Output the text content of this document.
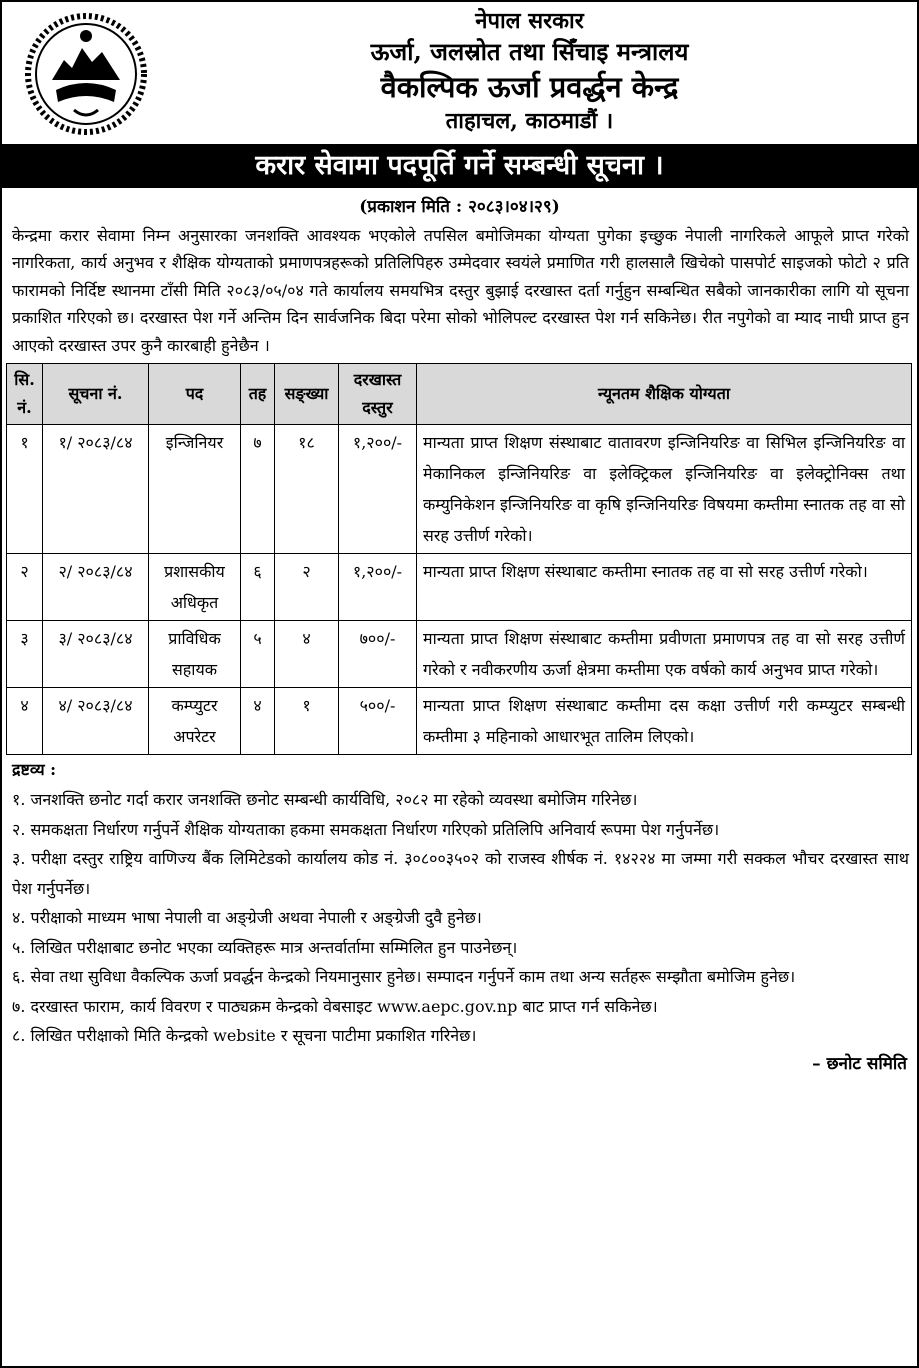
नेपाल सरकार
ऊर्जा, जलस्रोत तथा सिँचाइ मन्त्रालय
वैकल्पिक ऊर्जा प्रवर्द्धन केन्द्र
ताहाचल, काठमाडौं ।
करार सेवामा पदपूर्ति गर्ने सम्बन्धी सूचना ।
(प्रकाशन मिति : २०८३।०४।२९)

केन्द्रमा करार सेवामा निम्न अनुसारका जनशक्ति आवश्यक भएकोले तपसिल बमोजिमका योग्यता पुगेका इच्छुक नेपाली नागरिकले आफूले प्राप्त गरेको नागरिकता, कार्य अनुभव र शैक्षिक योग्यताको प्रमाणपत्रहरूको प्रतिलिपिहरु उम्मेदवार स्वयंले प्रमाणित गरी हालसालै खिचेको पासपोर्ट साइजको फोटो २ प्रति फारामको निर्दिष्ट स्थानमा टाँसी मिति २०८३/०५/०४ गते कार्यालय समयभित्र दस्तुर बुझाई दरखास्त दर्ता गर्नुहुन सम्बन्धित सबैको जानकारीका लागि यो सूचना प्रकाशित गरिएको छ। दरखास्त पेश गर्ने अन्तिम दिन सार्वजनिक बिदा परेमा सोको भोलिपल्ट दरखास्त पेश गर्न सकिनेछ। रीत नपुगेको वा म्याद नाघी प्राप्त हुन आएको दरखास्त उपर कुनै कारबाही हुनेछैन ।

सि. नं.	सूचना नं.	पद	तह	सङ्ख्या	दरखास्त दस्तुर	न्यूनतम शैक्षिक योग्यता
१	१/ २०८३/८४	इन्जिनियर	७	१८	१,२००/-	मान्यता प्राप्त शिक्षण संस्थाबाट वातावरण इन्जिनियरिङ वा सिभिल इन्जिनियरिङ वा मेकानिकल इन्जिनियरिङ वा इलेक्ट्रिकल इन्जिनियरिङ वा इलेक्ट्रोनिक्स तथा कम्युनिकेशन इन्जिनियरिङ वा कृषि इन्जिनियरिङ विषयमा कम्तीमा स्नातक तह वा सो सरह उत्तीर्ण गरेको।
२	२/ २०८३/८४	प्रशासकीय अधिकृत	६	२	१,२००/-	मान्यता प्राप्त शिक्षण संस्थाबाट कम्तीमा स्नातक तह वा सो सरह उत्तीर्ण गरेको।
३	३/ २०८३/८४	प्राविधिक सहायक	५	४	७००/-	मान्यता प्राप्त शिक्षण संस्थाबाट कम्तीमा प्रवीणता प्रमाणपत्र तह वा सो सरह उत्तीर्ण गरेको र नवीकरणीय ऊर्जा क्षेत्रमा कम्तीमा एक वर्षको कार्य अनुभव प्राप्त गरेको।
४	४/ २०८३/८४	कम्प्युटर अपरेटर	४	१	५००/-	मान्यता प्राप्त शिक्षण संस्थाबाट कम्तीमा दस कक्षा उत्तीर्ण गरी कम्प्युटर सम्बन्धी कम्तीमा ३ महिनाको आधारभूत तालिम लिएको।
द्रष्टव्य :
१. जनशक्ति छनोट गर्दा करार जनशक्ति छनोट सम्बन्धी कार्यविधि, २०८२ मा रहेको व्यवस्था बमोजिम गरिनेछ।
२. समकक्षता निर्धारण गर्नुपर्ने शैक्षिक योग्यताका हकमा समकक्षता निर्धारण गरिएको प्रतिलिपि अनिवार्य रूपमा पेश गर्नुपर्नेछ।
३. परीक्षा दस्तुर राष्ट्रिय वाणिज्य बैंक लिमिटेडको कार्यालय कोड नं. ३०८००३५०२ को राजस्व शीर्षक नं. १४२२४ मा जम्मा गरी सक्कल भौचर दरखास्त साथ पेश गर्नुपर्नेछ।
४. परीक्षाको माध्यम भाषा नेपाली वा अङ्ग्रेजी अथवा नेपाली र अङ्ग्रेजी दुवै हुनेछ।
५. लिखित परीक्षाबाट छनोट भएका व्यक्तिहरू मात्र अन्तर्वार्तामा सम्मिलित हुन पाउनेछन्।
६. सेवा तथा सुविधा वैकल्पिक ऊर्जा प्रवर्द्धन केन्द्रको नियमानुसार हुनेछ। सम्पादन गर्नुपर्ने काम तथा अन्य सर्तहरू सम्झौता बमोजिम हुनेछ।
७. दरखास्त फाराम, कार्य विवरण र पाठ्यक्रम केन्द्रको वेबसाइट www.aepc.gov.np बाट प्राप्त गर्न सकिनेछ।
८. लिखित परीक्षाको मिति केन्द्रको website र सूचना पाटीमा प्रकाशित गरिनेछ।
– छनोट समिति
